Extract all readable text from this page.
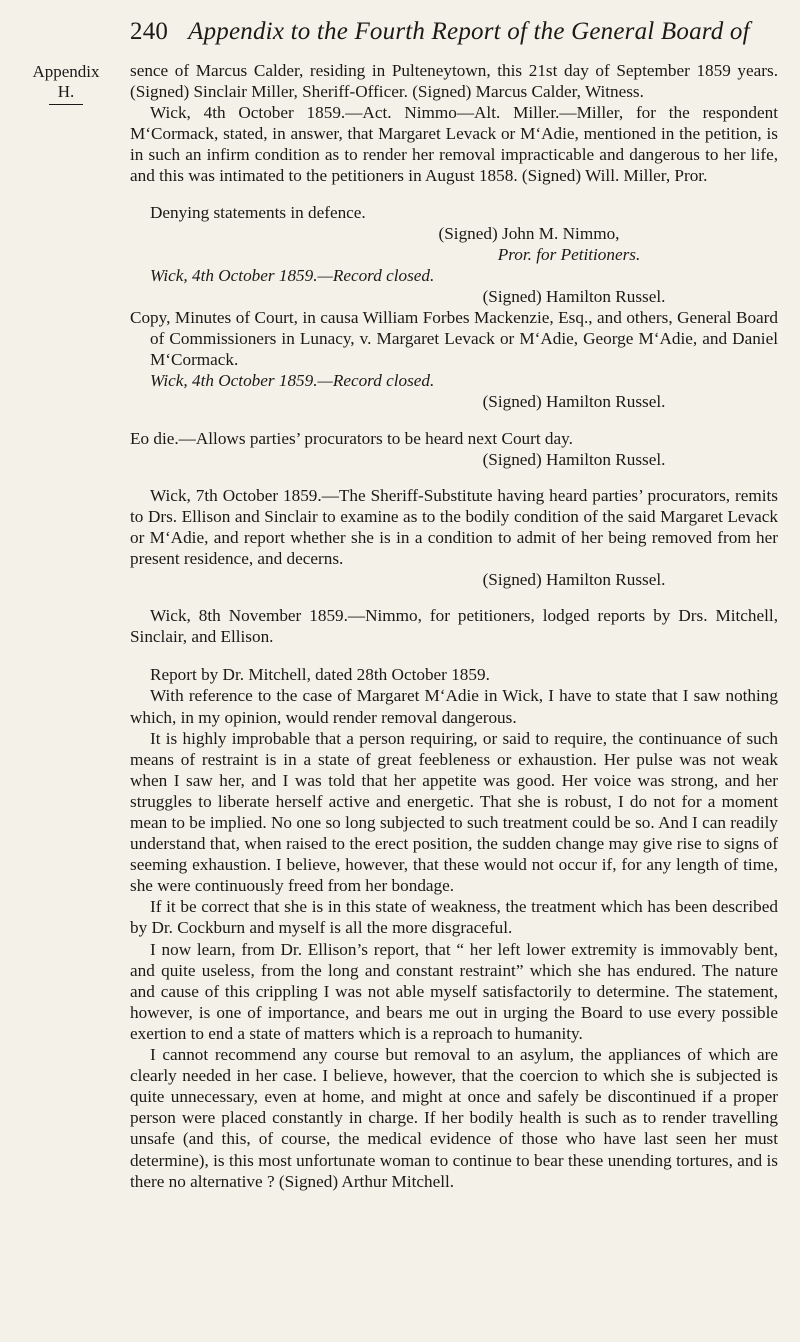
240 Appendix to the Fourth Report of the General Board of
Appendix
H.

sence of Marcus Calder, residing in Pulteneytown, this 21st day of September 1859 years. (Signed) Sinclair Miller, Sheriff-Officer. (Signed) Marcus Calder, Witness.

Wick, 4th October 1859.—Act. Nimmo—Alt. Miller.—Miller, for the respondent M‘Cormack, stated, in answer, that Margaret Levack or M‘Adie, mentioned in the petition, is in such an infirm condition as to render her removal impracticable and dangerous to her life, and this was intimated to the petitioners in August 1858. (Signed) Will. Miller, Pror.

Denying statements in defence.

(Signed) John M. Nimmo,

Pror. for Petitioners.

Wick, 4th October 1859.—Record closed.

(Signed) Hamilton Russel.

Copy, Minutes of Court, in causa William Forbes Mackenzie, Esq., and others, General Board of Commissioners in Lunacy, v. Margaret Levack or M‘Adie, George M‘Adie, and Daniel M‘Cormack.

Wick, 4th October 1859.—Record closed.

(Signed) Hamilton Russel.

Eo die.—Allows parties’ procurators to be heard next Court day.

(Signed) Hamilton Russel.

Wick, 7th October 1859.—The Sheriff-Substitute having heard parties’ procurators, remits to Drs. Ellison and Sinclair to examine as to the bodily condition of the said Margaret Levack or M‘Adie, and report whether she is in a condition to admit of her being removed from her present residence, and decerns.

(Signed) Hamilton Russel.

Wick, 8th November 1859.—Nimmo, for petitioners, lodged reports by Drs. Mitchell, Sinclair, and Ellison.

Report by Dr. Mitchell, dated 28th October 1859.

With reference to the case of Margaret M‘Adie in Wick, I have to state that I saw nothing which, in my opinion, would render removal dangerous.

It is highly improbable that a person requiring, or said to require, the continuance of such means of restraint is in a state of great feebleness or exhaustion. Her pulse was not weak when I saw her, and I was told that her appetite was good. Her voice was strong, and her struggles to liberate herself active and energetic. That she is robust, I do not for a moment mean to be implied. No one so long subjected to such treatment could be so. And I can readily understand that, when raised to the erect position, the sudden change may give rise to signs of seeming exhaustion. I believe, however, that these would not occur if, for any length of time, she were continuously freed from her bondage.

If it be correct that she is in this state of weakness, the treatment which has been described by Dr. Cockburn and myself is all the more disgraceful.

I now learn, from Dr. Ellison’s report, that “ her left lower extremity is immovably bent, and quite useless, from the long and constant restraint” which she has endured. The nature and cause of this crippling I was not able myself satisfactorily to determine. The statement, however, is one of importance, and bears me out in urging the Board to use every possible exertion to end a state of matters which is a reproach to humanity.

I cannot recommend any course but removal to an asylum, the appliances of which are clearly needed in her case. I believe, however, that the coercion to which she is subjected is quite unnecessary, even at home, and might at once and safely be discontinued if a proper person were placed constantly in charge. If her bodily health is such as to render travelling unsafe (and this, of course, the medical evidence of those who have last seen her must determine), is this most unfortunate woman to continue to bear these unending tortures, and is there no alternative ? (Signed) Arthur Mitchell.
